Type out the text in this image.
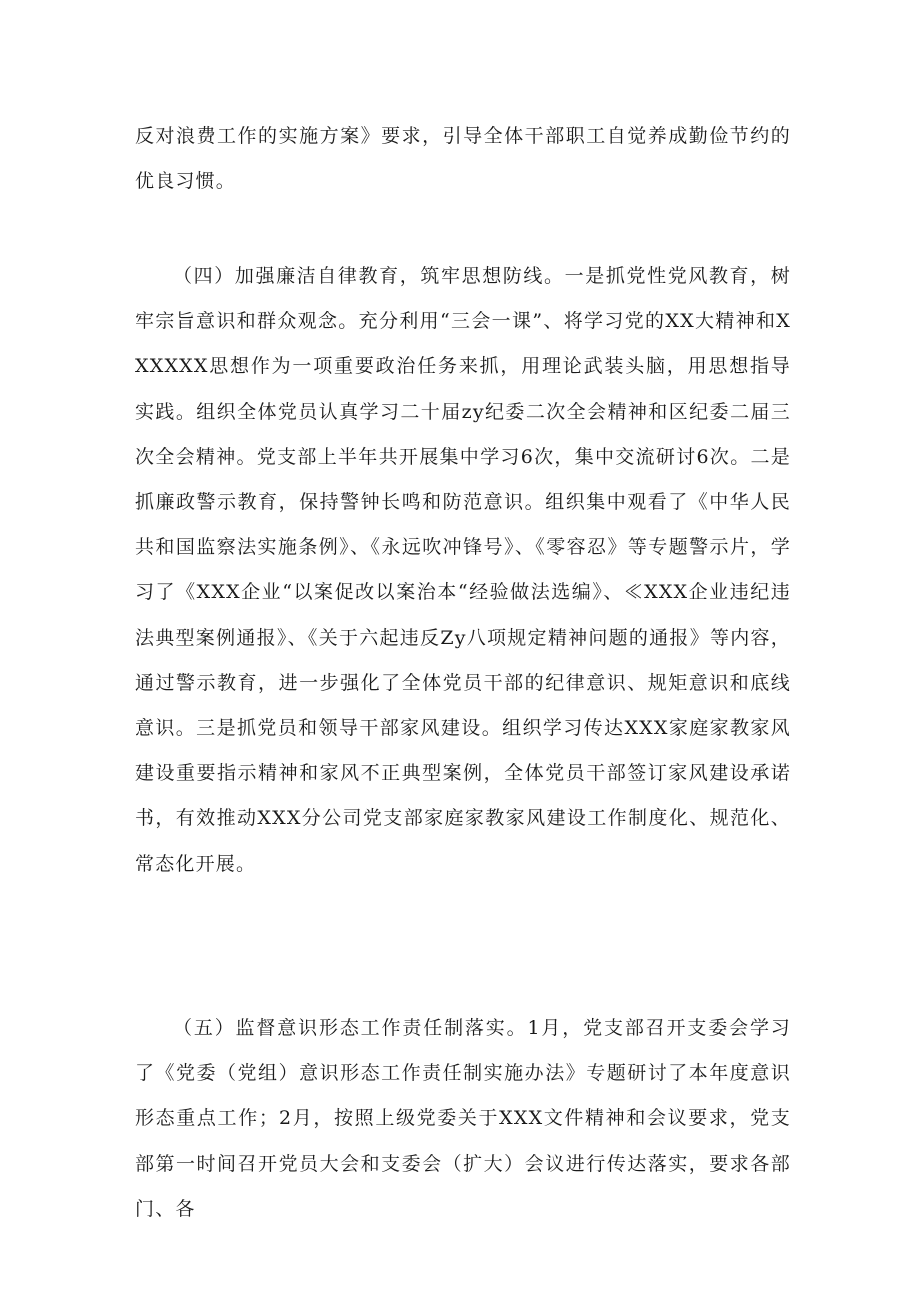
反对浪费工作的实施方案》要求，引导全体干部职工自觉养成勤俭节约的优良习惯。

（四）加强廉洁自律教育，筑牢思想防线。一是抓党性党风教育，树牢宗旨意识和群众观念。充分利用“三会一课”、将学习党的XX大精神和XXXXXX思想作为一项重要政治任务来抓，用理论武装头脑，用思想指导实践。组织全体党员认真学习二十届zy纪委二次全会精神和区纪委二届三次全会精神。党支部上半年共开展集中学习6次，集中交流研讨6次。二是抓廉政警示教育，保持警钟长鸣和防范意识。组织集中观看了《中华人民共和国监察法实施条例》、《永远吹冲锋号》、《零容忍》等专题警示片，学习了《XXX企业“以案促改以案治本“经验做法选编》、≪XXX企业违纪违法典型案例通报》、《关于六起违反Zy八项规定精神问题的通报》等内容，通过警示教育，进一步强化了全体党员干部的纪律意识、规矩意识和底线意识。三是抓党员和领导干部家风建设。组织学习传达XXX家庭家教家风建设重要指示精神和家风不正典型案例，全体党员干部签订家风建设承诺书，有效推动XXX分公司党支部家庭家教家风建设工作制度化、规范化、常态化开展。

（五）监督意识形态工作责任制落实。1月，党支部召开支委会学习了《党委（党组）意识形态工作责任制实施办法》专题研讨了本年度意识形态重点工作；2月，按照上级党委关于XXX文件精神和会议要求，党支部第一时间召开党员大会和支委会（扩大）会议进行传达落实，要求各部门、各
